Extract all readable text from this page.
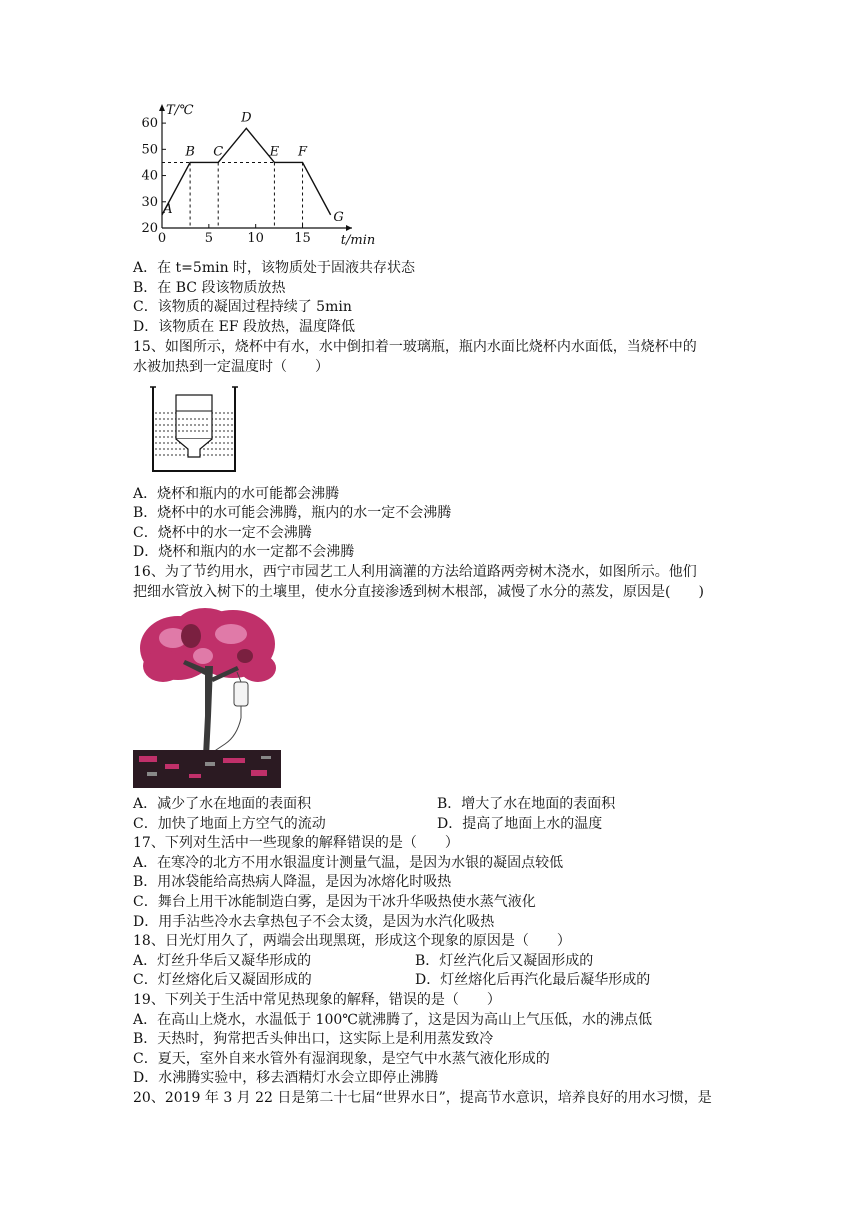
20
30
40
50
60
0	5	10 15
T/℃
t/min
A
B C
D
E F
G
A．在 t=5min 时，该物质处于固液共存状态
B．在 BC 段该物质放热
C．该物质的凝固过程持续了 5min
D．该物质在 EF 段放热，温度降低
15、如图所示，烧杯中有水，水中倒扣着一玻璃瓶，瓶内水面比烧杯内水面低，当烧杯中的
水被加热到一定温度时（　　）
A．烧杯和瓶内的水可能都会沸腾
B．烧杯中的水可能会沸腾，瓶内的水一定不会沸腾
C．烧杯中的水一定不会沸腾
D．烧杯和瓶内的水一定都不会沸腾
16、为了节约用水，西宁市园艺工人利用滴灌的方法给道路两旁树木浇水，如图所示。他们
把细水管放入树下的土壤里，使水分直接渗透到树木根部，减慢了水分的蒸发，原因是(　　)
A．减少了水在地面的表面积	B．增大了水在地面的表面积
C．加快了地面上方空气的流动	D．提高了地面上水的温度
17、下列对生活中一些现象的解释错误的是（　　）
A．在寒冷的北方不用水银温度计测量气温，是因为水银的凝固点较低
B．用冰袋能给高热病人降温，是因为冰熔化时吸热
C．舞台上用干冰能制造白雾，是因为干冰升华吸热使水蒸气液化
D．用手沾些冷水去拿热包子不会太烫，是因为水汽化吸热
18、日光灯用久了，两端会出现黑斑，形成这个现象的原因是（　　）
A．灯丝升华后又凝华形成的	B．灯丝汽化后又凝固形成的
C．灯丝熔化后又凝固形成的	D．灯丝熔化后再汽化最后凝华形成的
19、下列关于生活中常见热现象的解释，错误的是（　　）
A．在高山上烧水，水温低于 100℃就沸腾了，这是因为高山上气压低，水的沸点低
B．天热时，狗常把舌头伸出口，这实际上是利用蒸发致冷
C．夏天，室外自来水管外有湿润现象，是空气中水蒸气液化形成的
D．水沸腾实验中，移去酒精灯水会立即停止沸腾
20、2019 年 3 月 22 日是第二十七届“世界水日”，提高节水意识，培养良好的用水习惯，是
